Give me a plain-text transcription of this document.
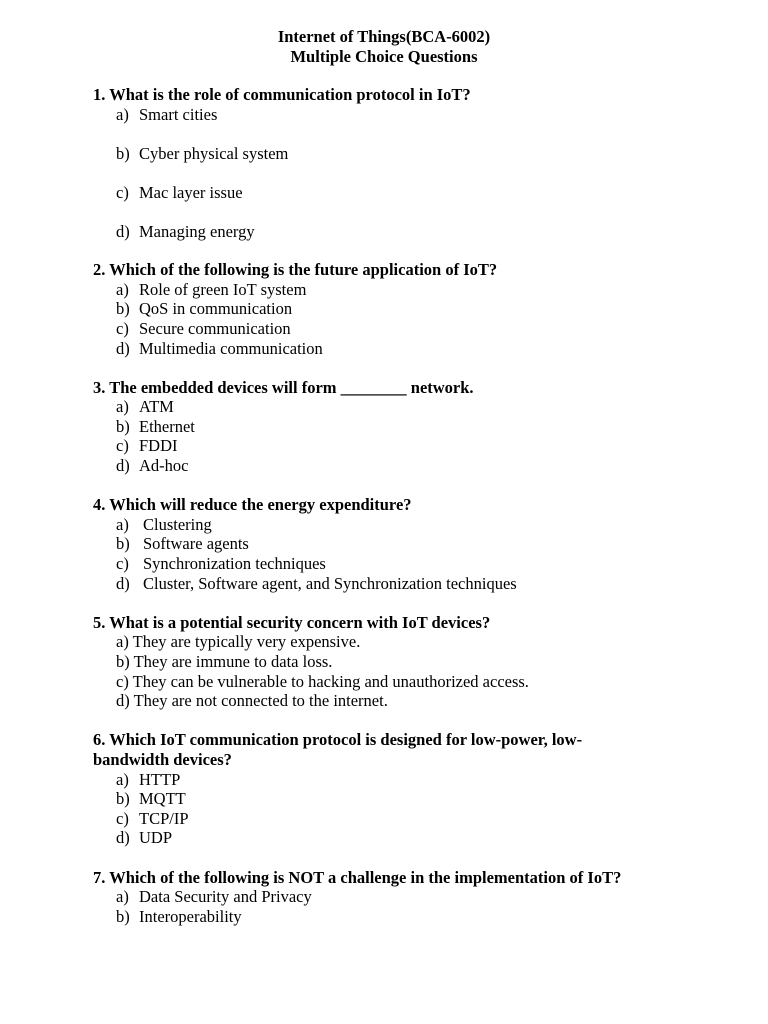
Internet of Things(BCA-6002)
Multiple Choice Questions
1. What is the role of communication protocol in IoT?
a) Smart cities
b) Cyber physical system
c) Mac layer issue
d) Managing energy
2. Which of the following is the future application of IoT?
a) Role of green IoT system
b) QoS in communication
c) Secure communication
d) Multimedia communication
3. The embedded devices will form ________ network.
a) ATM
b) Ethernet
c) FDDI
d) Ad-hoc
4. Which will reduce the energy expenditure?
a) Clustering
b) Software agents
c) Synchronization techniques
d) Cluster, Software agent, and Synchronization techniques
5. What is a potential security concern with IoT devices?
a) They are typically very expensive.
b) They are immune to data loss.
c) They can be vulnerable to hacking and unauthorized access.
d) They are not connected to the internet.
6. Which IoT communication protocol is designed for low-power, low-
bandwidth devices?
a) HTTP
b) MQTT
c) TCP/IP
d) UDP
7. Which of the following is NOT a challenge in the implementation of IoT?
a) Data Security and Privacy
b) Interoperability
